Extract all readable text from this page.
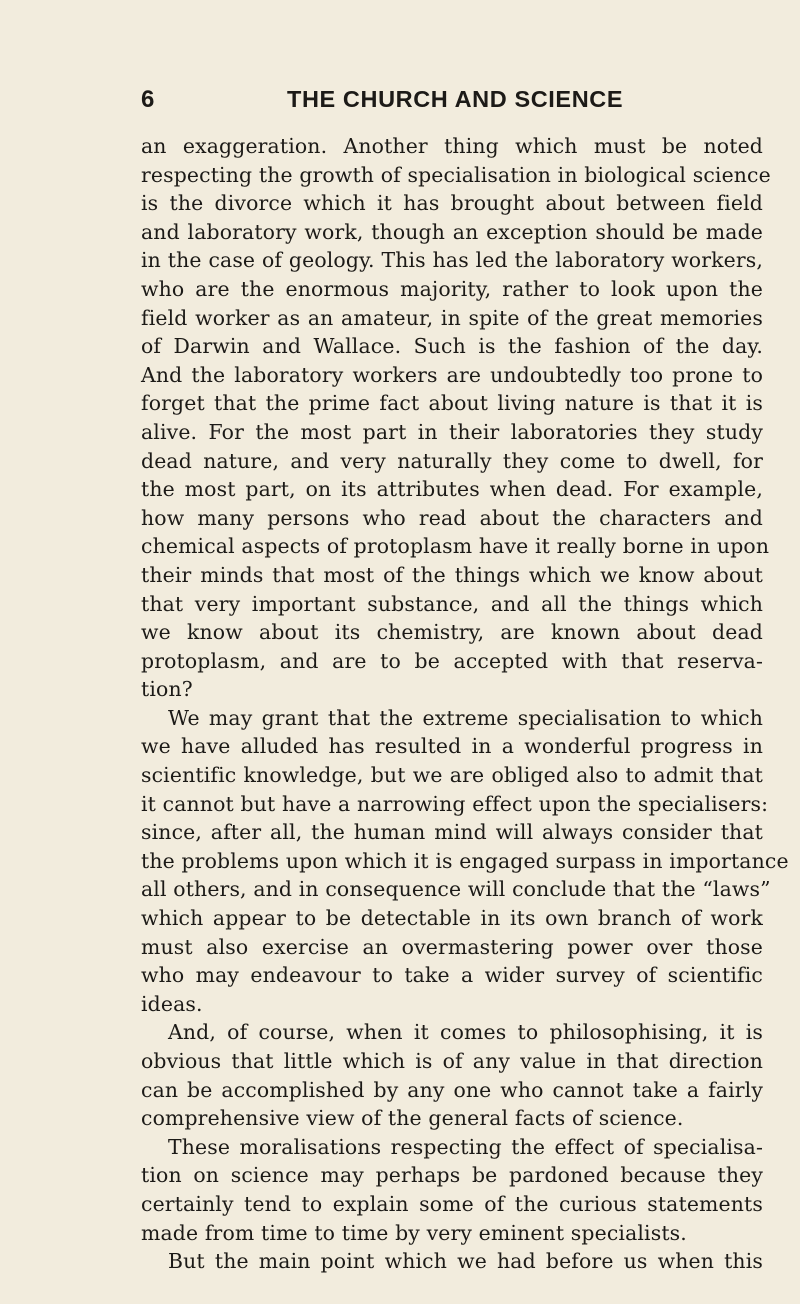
6	THE CHURCH AND SCIENCE
an exaggeration. Another thing which must be noted
respecting the growth of specialisation in biological science
is the divorce which it has brought about between field
and laboratory work, though an exception should be made
in the case of geology. This has led the laboratory workers,
who are the enormous majority, rather to look upon the
field worker as an amateur, in spite of the great memories
of Darwin and Wallace. Such is the fashion of the day.
And the laboratory workers are undoubtedly too prone to
forget that the prime fact about living nature is that it is
alive. For the most part in their laboratories they study
dead nature, and very naturally they come to dwell, for
the most part, on its attributes when dead. For example,
how many persons who read about the characters and
chemical aspects of protoplasm have it really borne in upon
their minds that most of the things which we know about
that very important substance, and all the things which
we know about its chemistry, are known about dead
protoplasm, and are to be accepted with that reserva-
tion?
We may grant that the extreme specialisation to which
we have alluded has resulted in a wonderful progress in
scientific knowledge, but we are obliged also to admit that
it cannot but have a narrowing effect upon the specialisers:
since, after all, the human mind will always consider that
the problems upon which it is engaged surpass in importance
all others, and in consequence will conclude that the “laws”
which appear to be detectable in its own branch of work
must also exercise an overmastering power over those
who may endeavour to take a wider survey of scientific
ideas.
And, of course, when it comes to philosophising, it is
obvious that little which is of any value in that direction
can be accomplished by any one who cannot take a fairly
comprehensive view of the general facts of science.
These moralisations respecting the effect of specialisa-
tion on science may perhaps be pardoned because they
certainly tend to explain some of the curious statements
made from time to time by very eminent specialists.
But the main point which we had before us when this
